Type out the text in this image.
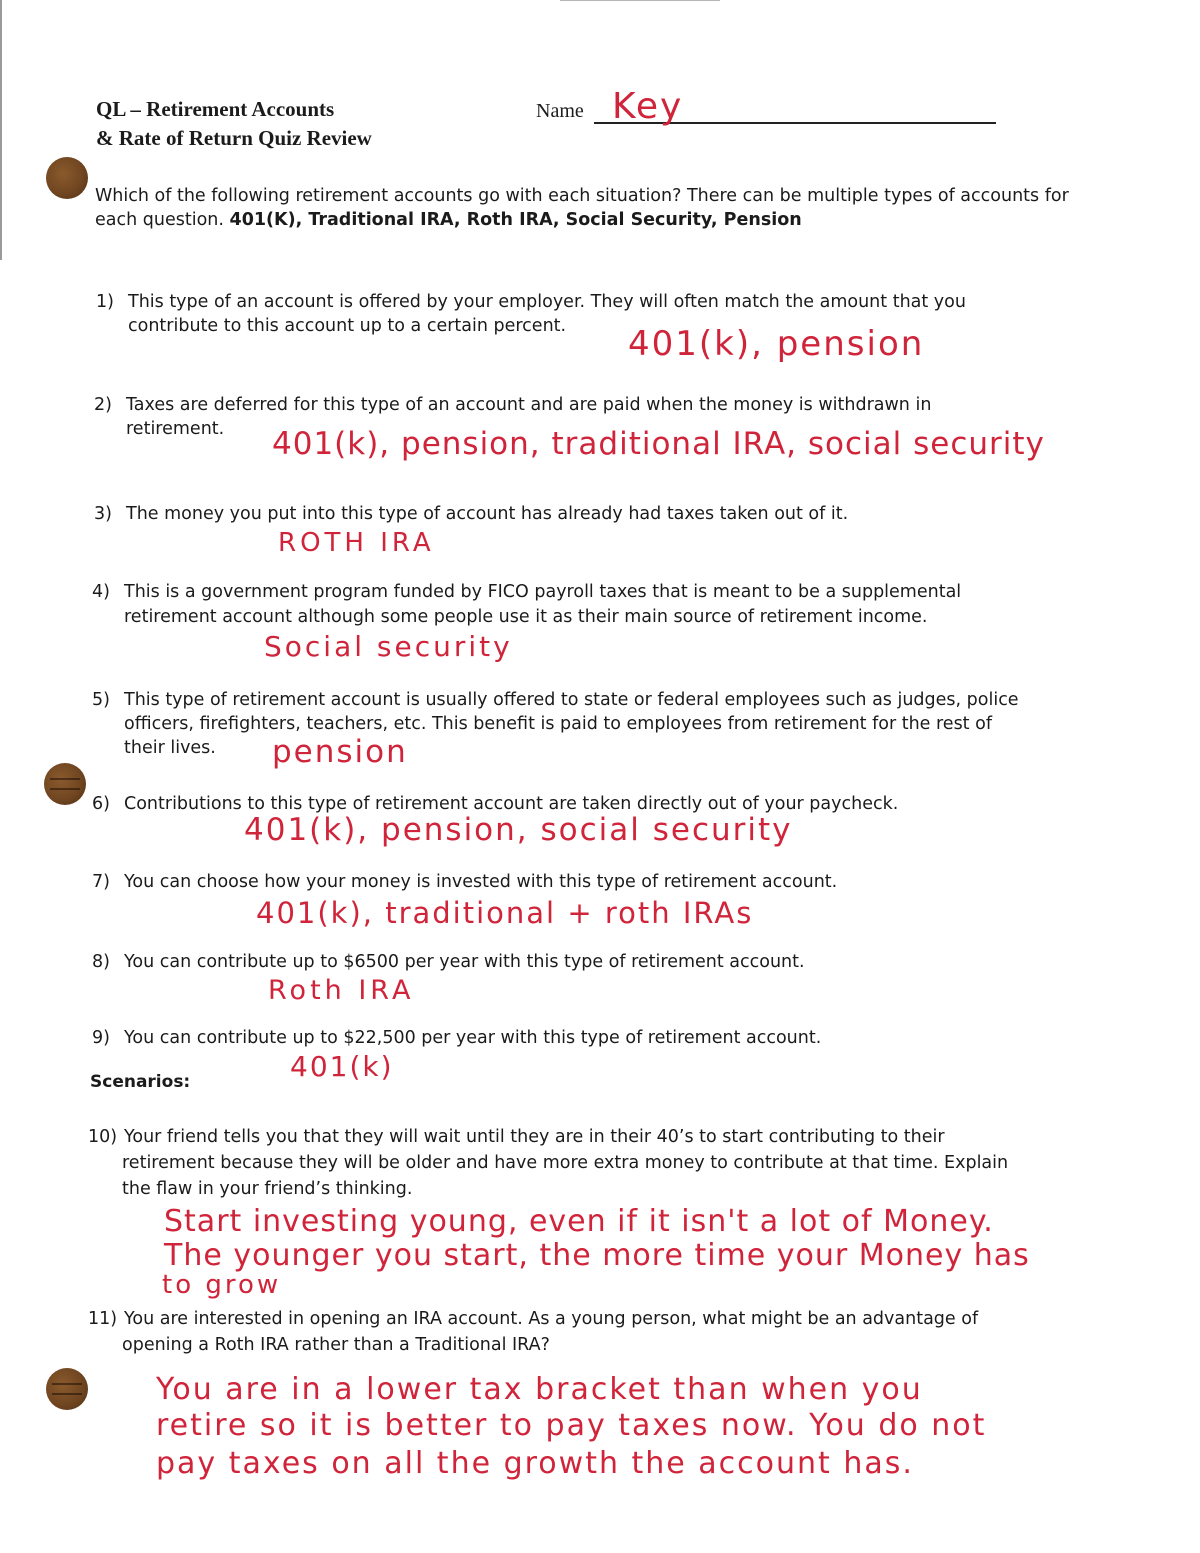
QL – Retirement Accounts
& Rate of Return Quiz Review
Name Key
Which of the following retirement accounts go with each situation? There can be multiple types of accounts for each question. 401(K), Traditional IRA, Roth IRA, Social Security, Pension
1) This type of an account is offered by your employer. They will often match the amount that you
contribute to this account up to a certain percent. 401(k), pension
2) Taxes are deferred for this type of an account and are paid when the money is withdrawn in
retirement. 401(k), pension, traditional IRA, social security
3) The money you put into this type of account has already had taxes taken out of it.
ROTH IRA
4) This is a government program funded by FICO payroll taxes that is meant to be a supplemental
retirement account although some people use it as their main source of retirement income.
Social security
5) This type of retirement account is usually offered to state or federal employees such as judges, police
officers, firefighters, teachers, etc. This benefit is paid to employees from retirement for the rest of
their lives. pension
6) Contributions to this type of retirement account are taken directly out of your paycheck.
401(k), pension, social security
7) You can choose how your money is invested with this type of retirement account.
401(k), traditional + roth IRAs
8) You can contribute up to $6500 per year with this type of retirement account.
Roth IRA
9) You can contribute up to $22,500 per year with this type of retirement account.
401(k)
Scenarios:
10) Your friend tells you that they will wait until they are in their 40’s to start contributing to their
retirement because they will be older and have more extra money to contribute at that time. Explain
the flaw in your friend’s thinking.
Start investing young, even if it isn't a lot of Money.
The younger you start, the more time your Money has
to grow
11) You are interested in opening an IRA account. As a young person, what might be an advantage of
opening a Roth IRA rather than a Traditional IRA?
You are in a lower tax bracket than when you
retire so it is better to pay taxes now. You do not
pay taxes on all the growth the account has.
